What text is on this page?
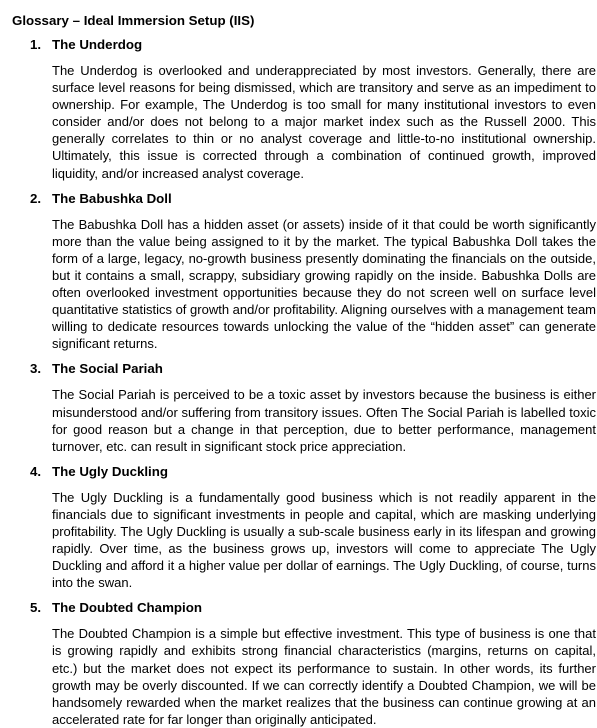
Glossary – Ideal Immersion Setup (IIS)
1. The Underdog
The Underdog is overlooked and underappreciated by most investors. Generally, there are surface level reasons for being dismissed, which are transitory and serve as an impediment to ownership. For example, The Underdog is too small for many institutional investors to even consider and/or does not belong to a major market index such as the Russell 2000. This generally correlates to thin or no analyst coverage and little-to-no institutional ownership. Ultimately, this issue is corrected through a combination of continued growth, improved liquidity, and/or increased analyst coverage.
2. The Babushka Doll
The Babushka Doll has a hidden asset (or assets) inside of it that could be worth significantly more than the value being assigned to it by the market. The typical Babushka Doll takes the form of a large, legacy, no-growth business presently dominating the financials on the outside, but it contains a small, scrappy, subsidiary growing rapidly on the inside. Babushka Dolls are often overlooked investment opportunities because they do not screen well on surface level quantitative statistics of growth and/or profitability. Aligning ourselves with a management team willing to dedicate resources towards unlocking the value of the “hidden asset” can generate significant returns.
3. The Social Pariah
The Social Pariah is perceived to be a toxic asset by investors because the business is either misunderstood and/or suffering from transitory issues. Often The Social Pariah is labelled toxic for good reason but a change in that perception, due to better performance, management turnover, etc. can result in significant stock price appreciation.
4. The Ugly Duckling
The Ugly Duckling is a fundamentally good business which is not readily apparent in the financials due to significant investments in people and capital, which are masking underlying profitability. The Ugly Duckling is usually a sub-scale business early in its lifespan and growing rapidly. Over time, as the business grows up, investors will come to appreciate The Ugly Duckling and afford it a higher value per dollar of earnings. The Ugly Duckling, of course, turns into the swan.
5. The Doubted Champion
The Doubted Champion is a simple but effective investment. This type of business is one that is growing rapidly and exhibits strong financial characteristics (margins, returns on capital, etc.) but the market does not expect its performance to sustain. In other words, its further growth may be overly discounted. If we can correctly identify a Doubted Champion, we will be handsomely rewarded when the market realizes that the business can continue growing at an accelerated rate for far longer than originally anticipated.
